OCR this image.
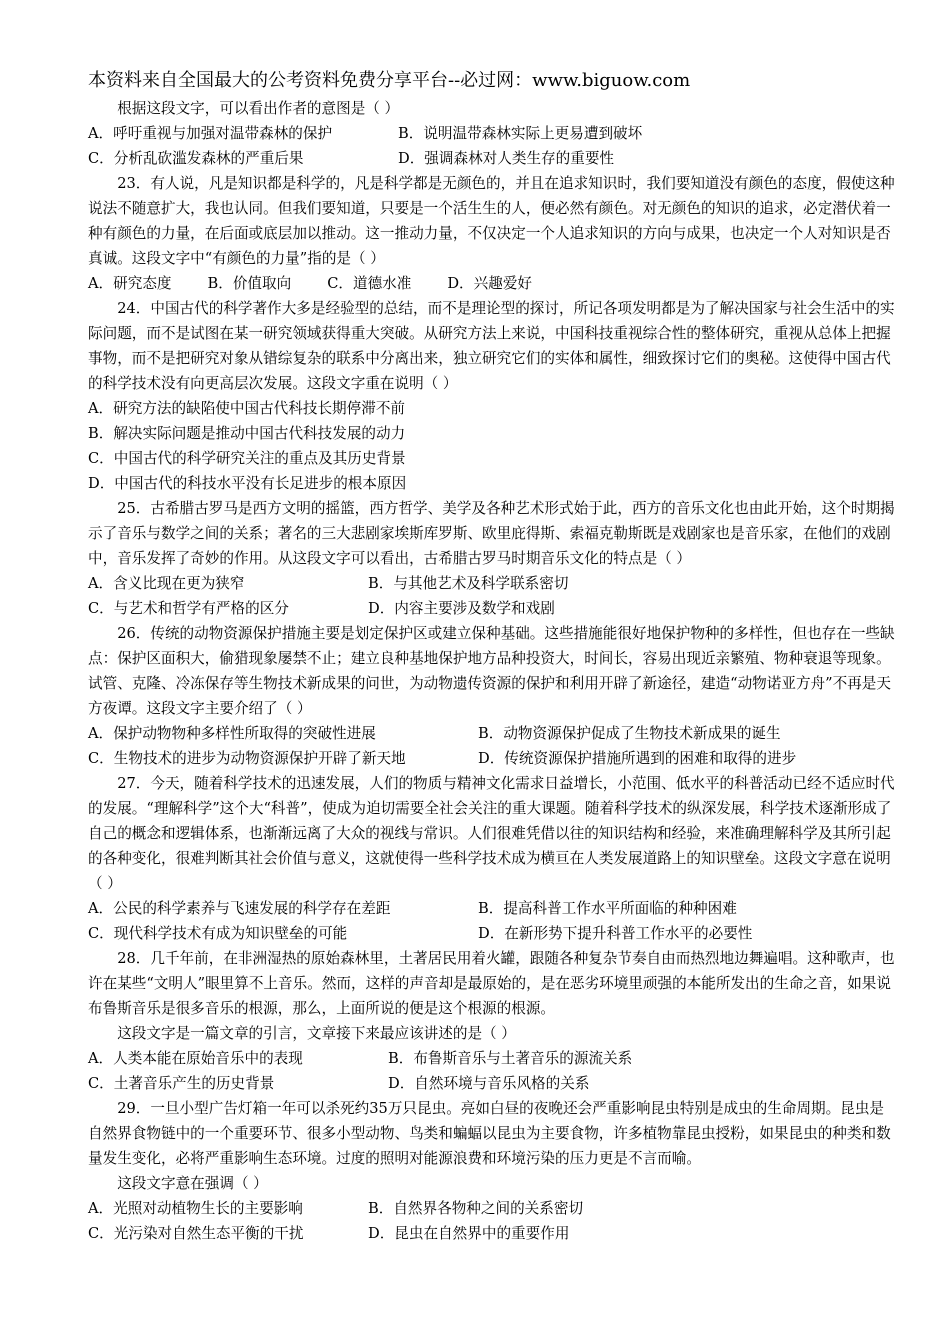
本资料来自全国最大的公考资料免费分享平台--必过网：www.biguow.com

根据这段文字，可以看出作者的意图是（ ）

A．呼吁重视与加强对温带森林的保护	B．说明温带森林实际上更易遭到破坏
C．分析乱砍滥发森林的严重后果	D．强调森林对人类生存的重要性

23．有人说，凡是知识都是科学的，凡是科学都是无颜色的，并且在追求知识时，我们要知道没有颜色的态度，假使这种说法不随意扩大，我也认同。但我们要知道，只要是一个活生生的人，便必然有颜色。对无颜色的知识的追求，必定潜伏着一种有颜色的力量，在后面或底层加以推动。这一推动力量，不仅决定一个人追求知识的方向与成果，也决定一个人对知识是否真诚。这段文字中“有颜色的力量”指的是（ ）

A．研究态度 B．价值取向 C．道德水准 D．兴趣爱好

24．中国古代的科学著作大多是经验型的总结，而不是理论型的探讨，所记各项发明都是为了解决国家与社会生活中的实际问题，而不是试图在某一研究领域获得重大突破。从研究方法上来说，中国科技重视综合性的整体研究，重视从总体上把握事物，而不是把研究对象从错综复杂的联系中分离出来，独立研究它们的实体和属性，细致探讨它们的奥秘。这使得中国古代的科学技术没有向更高层次发展。这段文字重在说明（ ）

A．研究方法的缺陷使中国古代科技长期停滞不前

B．解决实际问题是推动中国古代科技发展的动力

C．中国古代的科学研究关注的重点及其历史背景

D．中国古代的科技水平没有长足进步的根本原因

25．古希腊古罗马是西方文明的摇篮，西方哲学、美学及各种艺术形式始于此，西方的音乐文化也由此开始，这个时期揭示了音乐与数学之间的关系；著名的三大悲剧家埃斯库罗斯、欧里庇得斯、索福克勒斯既是戏剧家也是音乐家，在他们的戏剧中，音乐发挥了奇妙的作用。从这段文字可以看出，古希腊古罗马时期音乐文化的特点是（ ）

A．含义比现在更为狭窄	B．与其他艺术及科学联系密切
C．与艺术和哲学有严格的区分	D．内容主要涉及数学和戏剧

26．传统的动物资源保护措施主要是划定保护区或建立保种基础。这些措施能很好地保护物种的多样性，但也存在一些缺点：保护区面积大，偷猎现象屡禁不止；建立良种基地保护地方品种投资大，时间长，容易出现近亲繁殖、物种衰退等现象。试管、克隆、冷冻保存等生物技术新成果的问世，为动物遗传资源的保护和利用开辟了新途径，建造“动物诺亚方舟”不再是天方夜谭。这段文字主要介绍了（ ）

A．保护动物物种多样性所取得的突破性进展	B．动物资源保护促成了生物技术新成果的诞生
C．生物技术的进步为动物资源保护开辟了新天地	D．传统资源保护措施所遇到的困难和取得的进步

27．今天，随着科学技术的迅速发展，人们的物质与精神文化需求日益增长，小范围、低水平的科普活动已经不适应时代的发展。“理解科学”这个大“科普”，使成为迫切需要全社会关注的重大课题。随着科学技术的纵深发展，科学技术逐渐形成了自己的概念和逻辑体系，也渐渐远离了大众的视线与常识。人们很难凭借以往的知识结构和经验，来准确理解科学及其所引起的各种变化，很难判断其社会价值与意义，这就使得一些科学技术成为横亘在人类发展道路上的知识壁垒。这段文字意在说明（ ）

A．公民的科学素养与飞速发展的科学存在差距	B．提高科普工作水平所面临的种种困难
C．现代科学技术有成为知识壁垒的可能	D．在新形势下提升科普工作水平的必要性

28．几千年前，在非洲湿热的原始森林里，土著居民用着火罐，跟随各种复杂节奏自由而热烈地边舞遍唱。这种歌声，也许在某些“文明人”眼里算不上音乐。然而，这样的声音却是最原始的，是在恶劣环境里顽强的本能所发出的生命之音，如果说布鲁斯音乐是很多音乐的根源，那么，上面所说的便是这个根源的根源。

这段文字是一篇文章的引言，文章接下来最应该讲述的是（ ）

A．人类本能在原始音乐中的表现	B．布鲁斯音乐与土著音乐的源流关系
C．土著音乐产生的历史背景	D．自然环境与音乐风格的关系

29．一旦小型广告灯箱一年可以杀死约35万只昆虫。亮如白昼的夜晚还会严重影响昆虫特别是成虫的生命周期。昆虫是自然界食物链中的一个重要环节、很多小型动物、鸟类和蝙蝠以昆虫为主要食物，许多植物靠昆虫授粉，如果昆虫的种类和数量发生变化，必将严重影响生态环境。过度的照明对能源浪费和环境污染的压力更是不言而喻。

这段文字意在强调（ ）

A．光照对动植物生长的主要影响	B．自然界各物种之间的关系密切
C．光污染对自然生态平衡的干扰	D．昆虫在自然界中的重要作用
